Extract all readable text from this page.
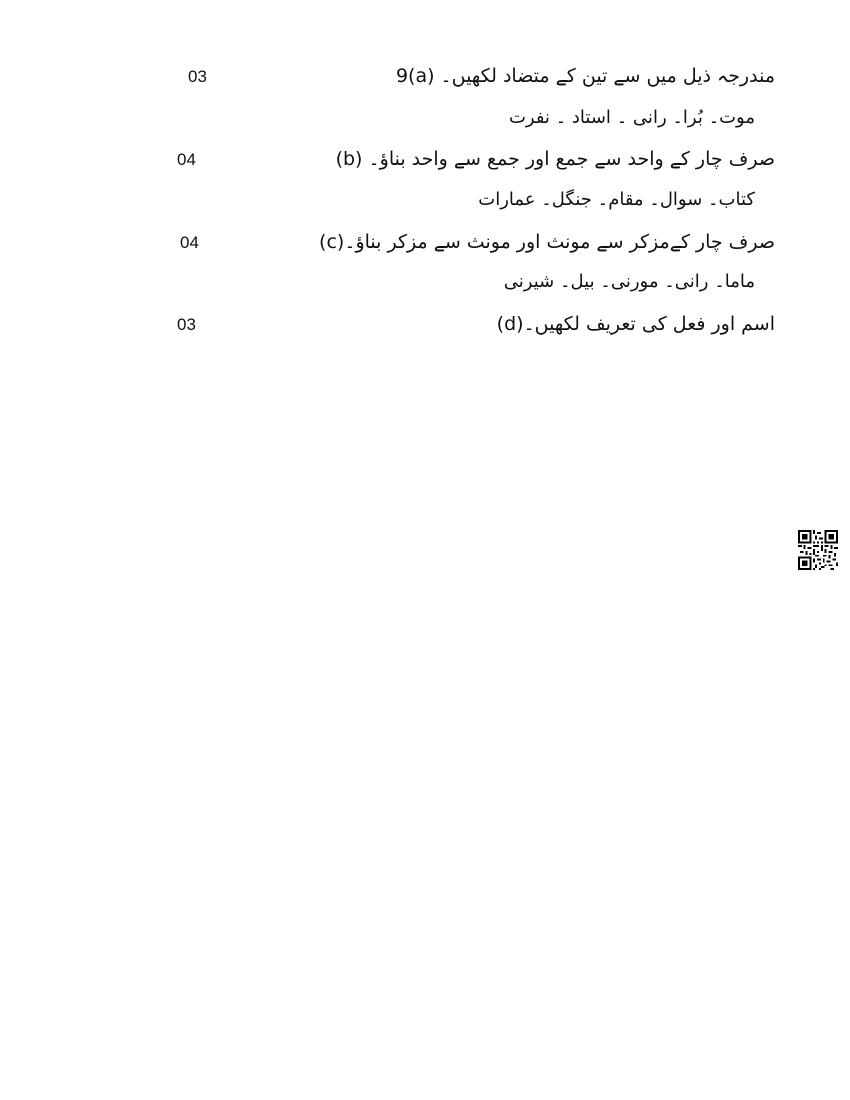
9(a) مندرجہ ذیل میں سے تین کے متضاد لکھیں۔
03
موت۔ بُرا۔ رانی ۔ استاد ۔ نفرت
(b) صرف چار کے واحد سے جمع اور جمع سے واحد بناؤ۔
04
کتاب۔ سوال۔ مقام۔ جنگل۔ عمارات
(c)صرف چار کےمزکر سے مونث اور مونث سے مزکر بناؤ۔
04
ماما۔ رانی۔ مورنی۔ بیل۔ شیرنی
(d)اسم اور فعل کی تعریف لکھیں۔
03
